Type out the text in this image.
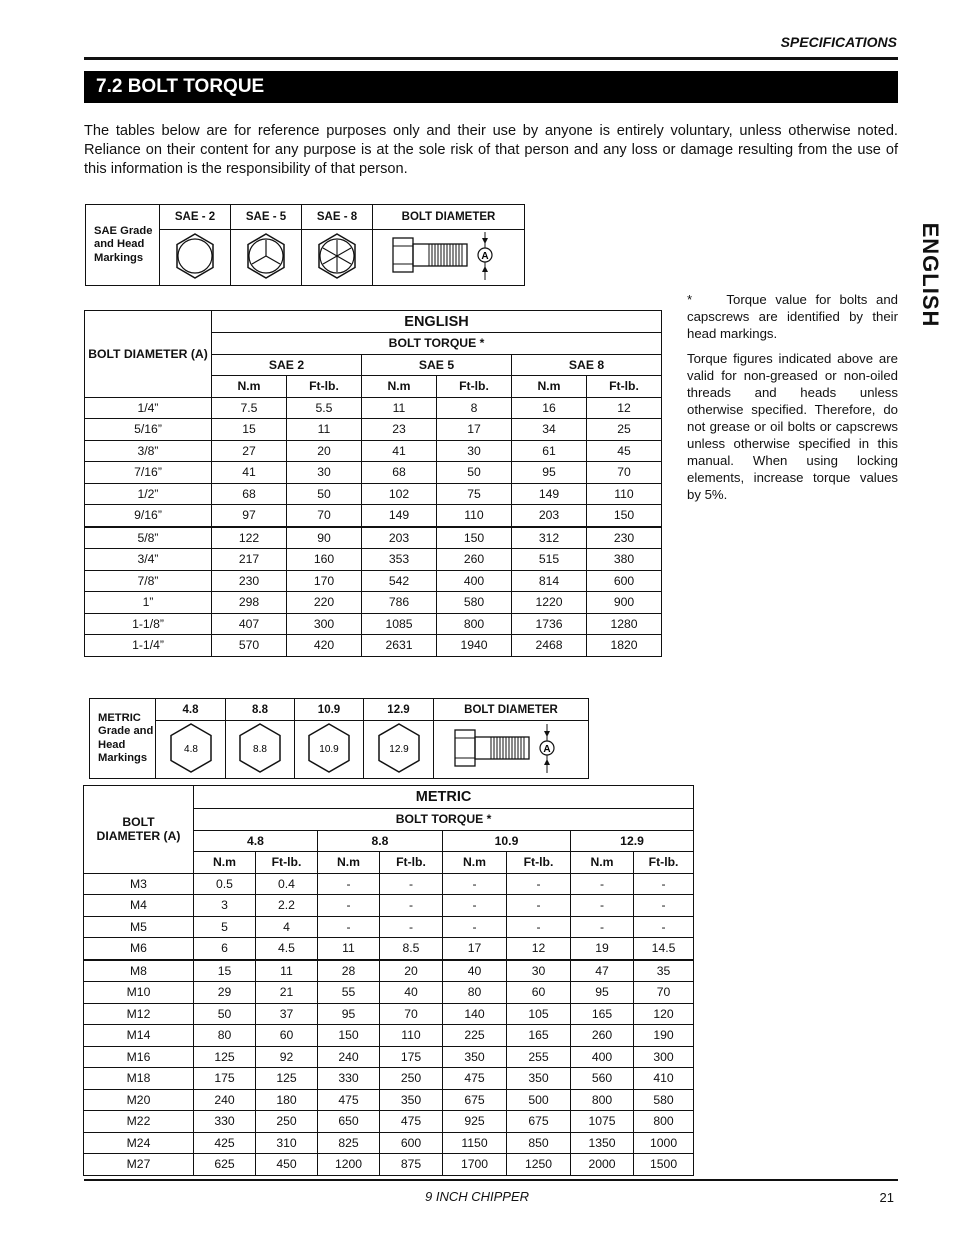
SPECIFICATIONS
7.2 BOLT TORQUE
The tables below are for reference purposes only and their use by anyone is entirely voluntary, unless otherwise noted. Reliance on their content for any purpose is at the sole risk of that person and any loss or damage resulting from the use of this information is the responsibility of that person.
ENGLISH
SAE Grade and Head Markings	SAE - 2	SAE - 5	SAE - 8	BOLT DIAMETER

A
BOLT DIAMETER (A)	ENGLISH					
	BOLT TORQUE *					
	SAE 2		SAE 5		SAE 8	
	N.m	Ft-lb.	N.m	Ft-lb.	N.m	Ft-lb.
1/4”	7.5	5.5	11	8	16	12
5/16”	15	11	23	17	34	25
3/8”	27	20	41	30	61	45
7/16”	41	30	68	50	95	70
1/2”	68	50	102	75	149	110
9/16”	97	70	149	110	203	150
5/8”	122	90	203	150	312	230
3/4”	217	160	353	260	515	380
7/8”	230	170	542	400	814	600
1”	298	220	786	580	1220	900
1-1/8”	407	300	1085	800	1736	1280
1-1/4”	570	420	2631	1940	2468	1820

*    Torque value for bolts and capscrews are identified by their head markings.

Torque figures indicated above are valid for non-greased or non-oiled threads and heads unless otherwise specified. Therefore, do not grease or oil bolts or capscrews unless otherwise specified in this manual. When using locking elements, increase torque values by 5%.

METRIC Grade and Head Markings	4.8	8.8	10.9	12.9	BOLT DIAMETER

4.8	8.8	10.9	12.9	A
BOLT DIAMETER (A)	METRIC							
	BOLT TORQUE *							
	4.8		8.8		10.9		12.9	
	N.m	Ft-lb.	N.m	Ft-lb.	N.m	Ft-lb.	N.m	Ft-lb.
M3	0.5	0.4	-	-	-	-	-	-
M4	3	2.2	-	-	-	-	-	-
M5	5	4	-	-	-	-	-	-
M6	6	4.5	11	8.5	17	12	19	14.5
M8	15	11	28	20	40	30	47	35
M10	29	21	55	40	80	60	95	70
M12	50	37	95	70	140	105	165	120
M14	80	60	150	110	225	165	260	190
M16	125	92	240	175	350	255	400	300
M18	175	125	330	250	475	350	560	410
M20	240	180	475	350	675	500	800	580
M22	330	250	650	475	925	675	1075	800
M24	425	310	825	600	1150	850	1350	1000
M27	625	450	1200	875	1700	1250	2000	1500
9 INCH CHIPPER	21
